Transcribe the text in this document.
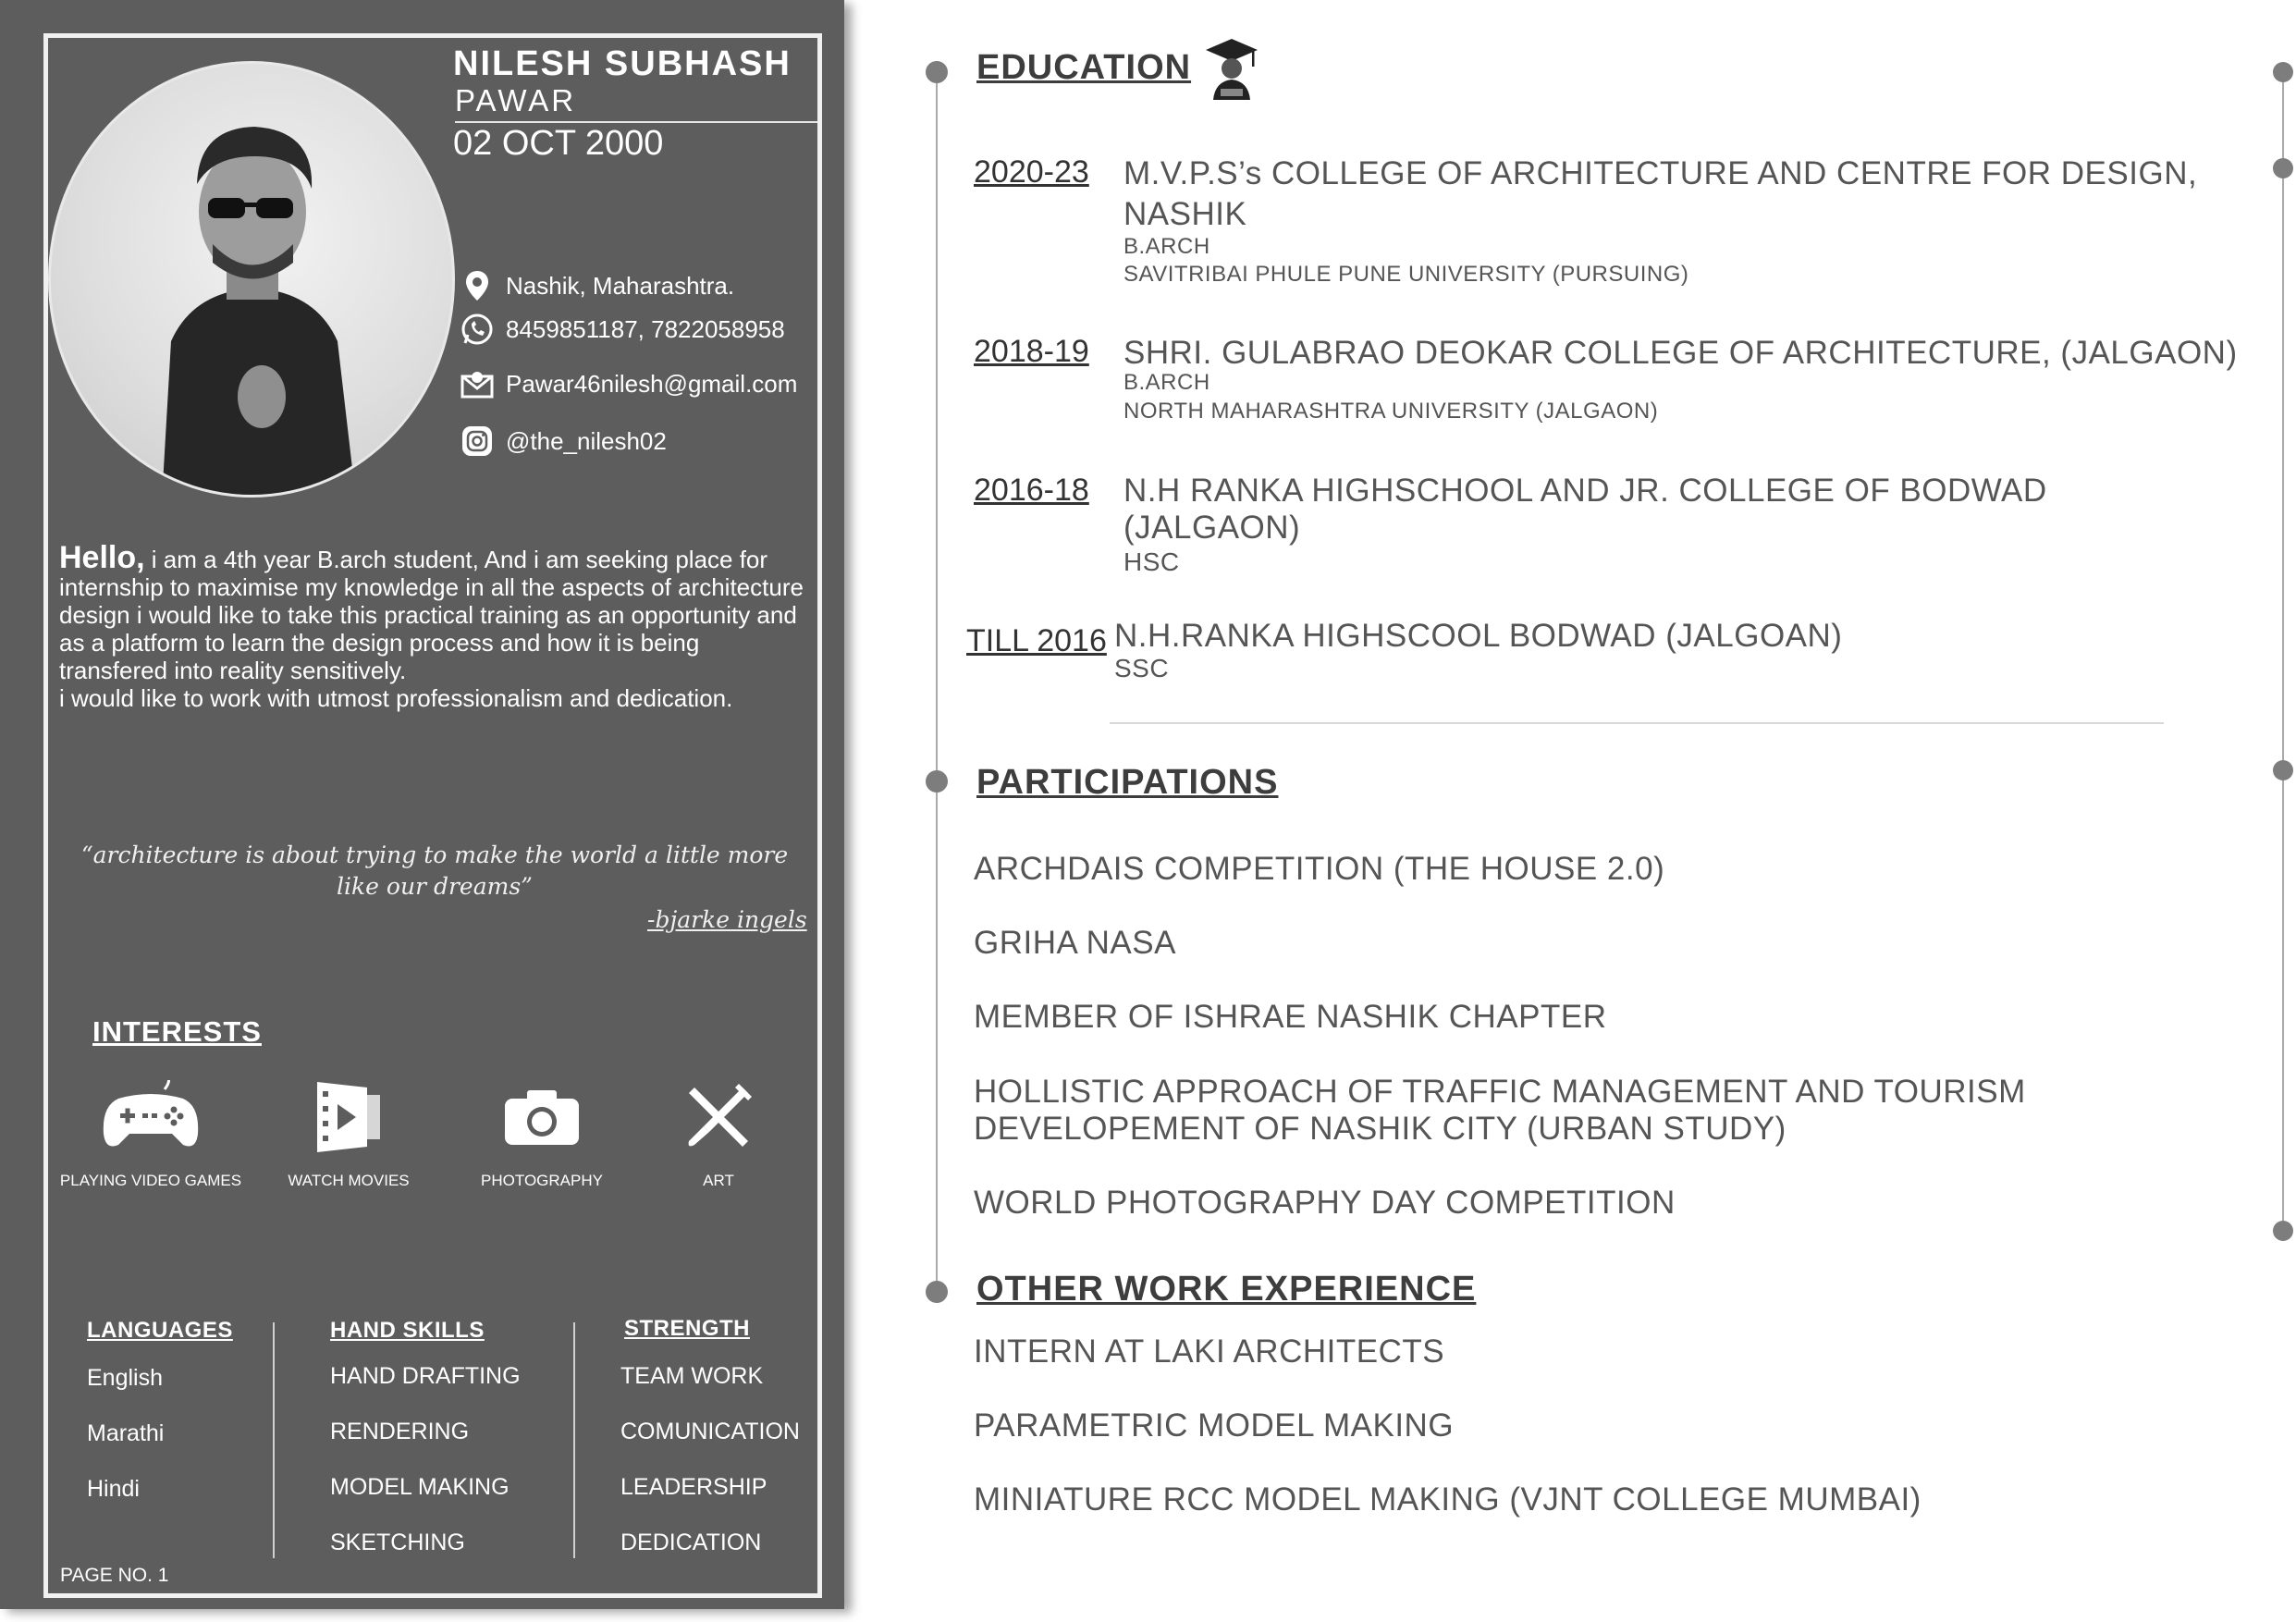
NILESH SUBHASH
PAWAR
02 OCT 2000
Nashik, Maharashtra.
8459851187, 7822058958
Pawar46nilesh@gmail.com
@the_nilesh02
Hello, i am a 4th year B.arch student, And i am seeking place for internship to maximise my knowledge in all the aspects of architecture design i would like to take this practical training as an opportunity and as a platform to learn the design process and how it is being transfered into reality sensitively.
i would like to work with utmost professionalism and dedication.
“architecture is about trying to make the world a little more like our dreams”
-bjarke ingels
INTERESTS
PLAYING VIDEO GAMES	WATCH MOVIES	PHOTOGRAPHY	ART
LANGUAGES
English
Marathi
Hindi
HAND SKILLS
HAND DRAFTING
RENDERING
MODEL MAKING
SKETCHING
STRENGTH
TEAM WORK
COMUNICATION
LEADERSHIP
DEDICATION
PAGE NO. 1
EDUCATION
2020-23 M.V.P.S’s COLLEGE OF ARCHITECTURE AND CENTRE FOR DESIGN,
NASHIK
B.ARCH
SAVITRIBAI PHULE PUNE UNIVERSITY (PURSUING)
2018-19 SHRI. GULABRAO DEOKAR COLLEGE OF ARCHITECTURE, (JALGAON)
B.ARCH
NORTH MAHARASHTRA UNIVERSITY (JALGAON)
2016-18 N.H RANKA HIGHSCHOOL AND JR. COLLEGE OF BODWAD
(JALGAON)
HSC
TILL 2016 N.H.RANKA HIGHSCOOL BODWAD (JALGOAN)
SSC
PARTICIPATIONS
ARCHDAIS COMPETITION (THE HOUSE 2.0)
GRIHA NASA
MEMBER OF ISHRAE NASHIK CHAPTER
HOLLISTIC APPROACH OF TRAFFIC MANAGEMENT AND TOURISM
DEVELOPEMENT OF NASHIK CITY (URBAN STUDY)
WORLD PHOTOGRAPHY DAY COMPETITION
OTHER WORK EXPERIENCE
INTERN AT LAKI ARCHITECTS
PARAMETRIC MODEL MAKING
MINIATURE RCC MODEL MAKING (VJNT COLLEGE MUMBAI)
